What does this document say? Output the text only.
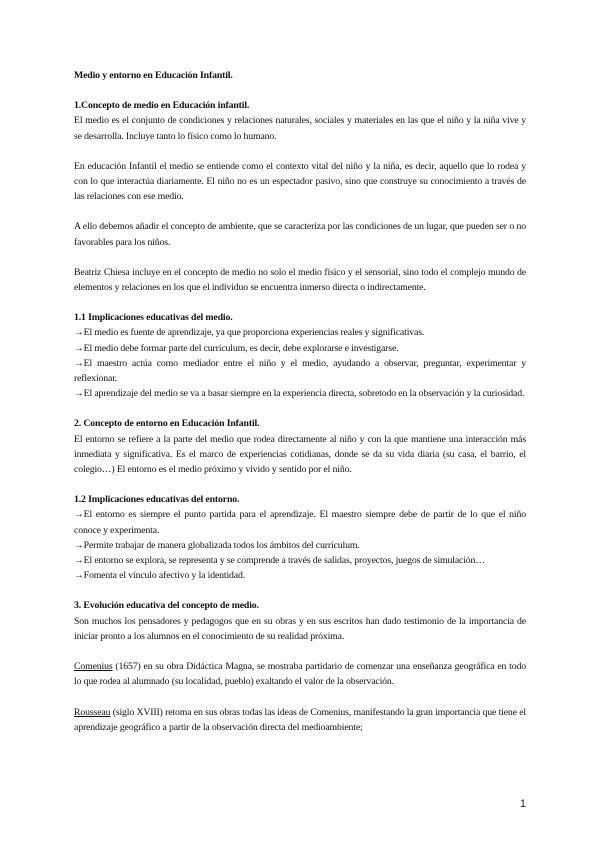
Medio y entorno en Educación Infantil.

1.Concepto de medio en Educación infantil.

El medio es el conjunto de condiciones y relaciones naturales, sociales y materiales en las que el niño y la niña vive y se desarrolla. Incluye tanto lo físico como lo humano.

En educación Infantil el medio se entiende como el contexto vital del niño y la niña, es decir, aquello que lo rodea y con lo que interactúa diariamente. El niño no es un espectador pasivo, sino que construye su conocimiento a través de las relaciones con ese medio.

A ello debemos añadir el concepto de ambiente, que se caracteriza por las condiciones de un lugar, que pueden ser o no favorables para los niños.

Beatriz Chiesa incluye en el concepto de medio no solo el medio físico y el sensorial, sino todo el complejo mundo de elementos y relaciones en los que el individuo se encuentra inmerso directa o indirectamente.

1.1 Implicaciones educativas del medio.

→El medio es fuente de aprendizaje, ya que proporciona experiencias reales y significativas.

→El medio debe formar parte del currículum, es decir, debe explorarse e investigarse.

→El maestro actúa como mediador entre el niño y el medio, ayudando a observar, preguntar, experimentar y reflexionar.

→El aprendizaje del medio se va a basar siempre en la experiencia directa, sobretodo en la observación y la curiosidad.

2. Concepto de entorno en Educación Infantil.

El entorno se refiere a la parte del medio que rodea directamente al niño y con la que mantiene una interacción más inmediata y significativa. Es el marco de experiencias cotidianas, donde se da su vida diaria (su casa, el barrio, el colegio…) El entorno es el medio próximo y vivido y sentido por el niño.

1.2 Implicaciones educativas del entorno.

→El entorno es siempre el punto partida para el aprendizaje. El maestro siempre debe de partir de lo que el niño conoce y experimenta.

→Permite trabajar de manera globalizada todos los ámbitos del currículum.

→El entorno se explora, se representa y se comprende a través de salidas, proyectos, juegos de simulación…

→Fomenta el vínculo afectivo y la identidad.

3. Evolución educativa del concepto de medio.

Son muchos los pensadores y pedagogos que en su obras y en sus escritos han dado testimonio de la importancia de iniciar pronto a los alumnos en el conocimiento de su realidad próxima.

Comenius (1657) en su obra Didáctica Magna, se mostraba partidario de comenzar una enseñanza geográfica en todo lo que rodea al alumnado (su localidad, pueblo) exaltando el valor de la observación.

Rousseau (siglo XVIII) retoma en sus obras todas las ideas de Comenius, manifestando la gran importancia que tiene el aprendizaje geográfico a partir de la observación directa del medioambiente;

1
